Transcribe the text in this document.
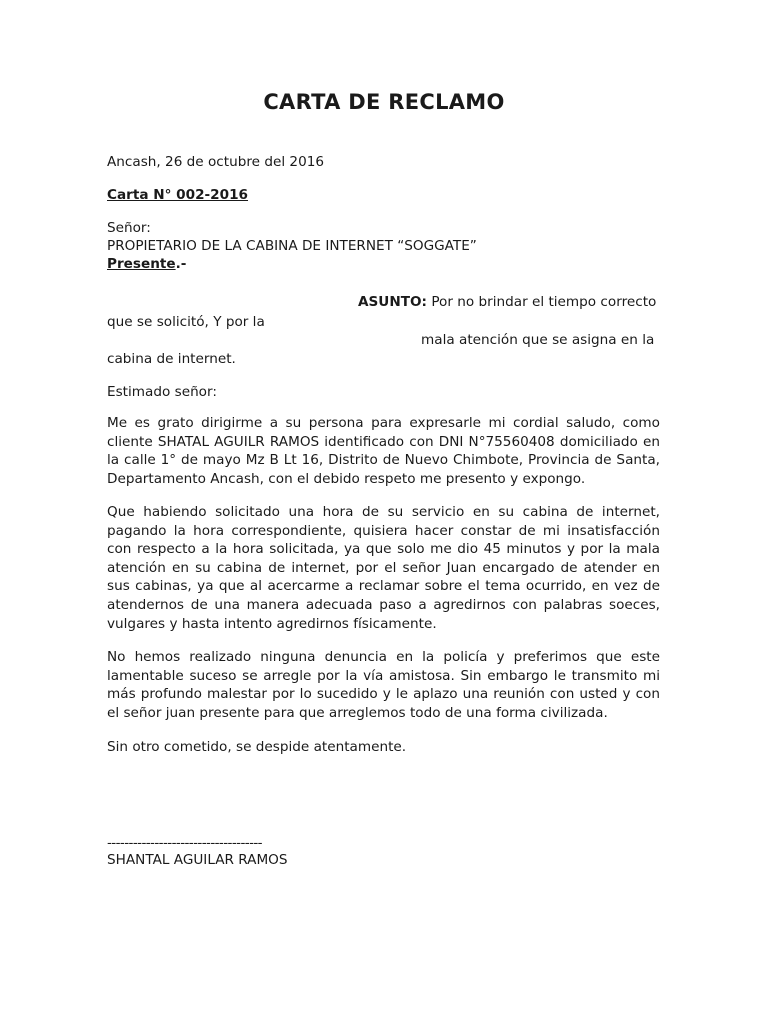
CARTA DE RECLAMO
Ancash, 26 de octubre del 2016
Carta N° 002-2016
Señor:
PROPIETARIO DE LA CABINA DE INTERNET “SOGGATE”
Presente.-
ASUNTO: Por no brindar el tiempo correcto
que se solicitó, Y por la
mala atención que se asigna en la
cabina de internet.
Estimado señor:
Me es grato dirigirme a su persona para expresarle mi cordial saludo, como
cliente SHATAL AGUILR RAMOS identificado con DNI N°75560408 domiciliado en
la calle 1° de mayo Mz B Lt 16, Distrito de Nuevo Chimbote, Provincia de Santa,
Departamento Ancash, con el debido respeto me presento y expongo.
Que habiendo solicitado una hora de su servicio en su cabina de internet,
pagando la hora correspondiente, quisiera hacer constar de mi insatisfacción
con respecto a la hora solicitada, ya que solo me dio 45 minutos y por la mala
atención en su cabina de internet, por el señor Juan encargado de atender en
sus cabinas, ya que al acercarme a reclamar sobre el tema ocurrido, en vez de
atendernos de una manera adecuada paso a agredirnos con palabras soeces,
vulgares y hasta intento agredirnos físicamente.
No hemos realizado ninguna denuncia en la policía y preferimos que este
lamentable suceso se arregle por la vía amistosa. Sin embargo le transmito mi
más profundo malestar por lo sucedido y le aplazo una reunión con usted y con
el señor juan presente para que arreglemos todo de una forma civilizada.
Sin otro cometido, se despide atentamente.
------------------------------------
SHANTAL AGUILAR RAMOS
